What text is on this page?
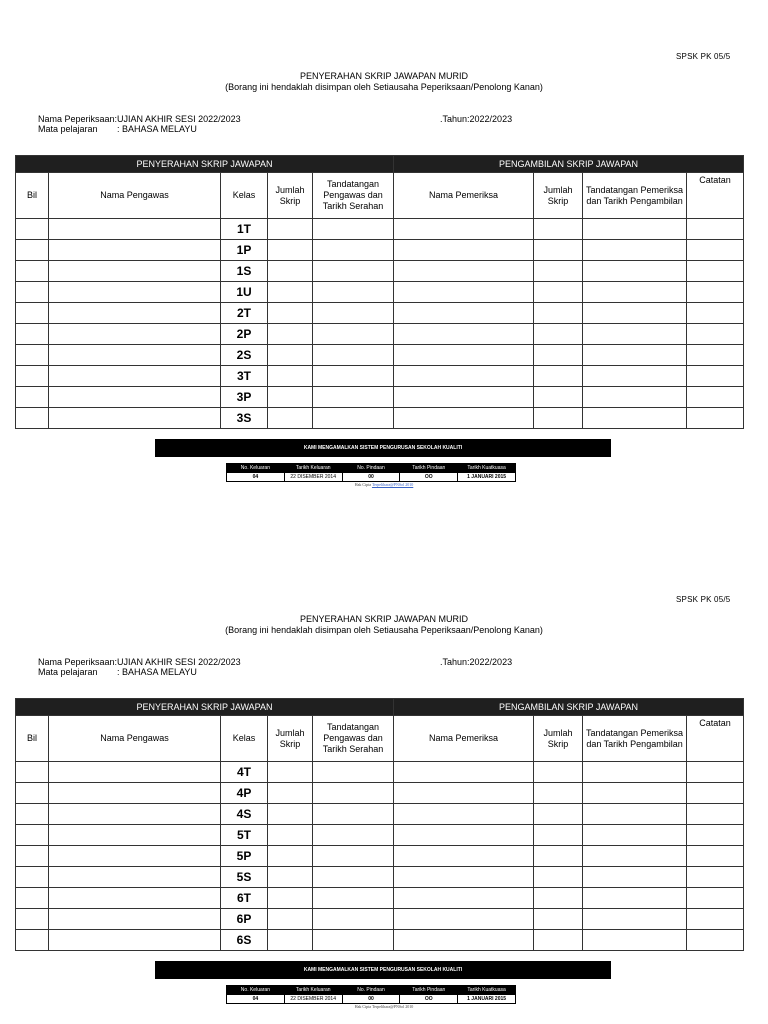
SPSK PK 05/5
PENYERAHAN SKRIP JAWAPAN MURID
(Borang ini hendaklah disimpan oleh Setiausaha Peperiksaan/Penolong Kanan)
Nama Peperiksaan:UJIAN AKHIR SESI 2022/2023
Mata pelajaran : BAHASA MELAYU
.Tahun:2022/2023
PENYERAHAN SKRIP JAWAPAN					PENGAMBILAN SKRIP JAWAPAN			
Bil	Nama Pengawas	Kelas	Jumlah Skrip	Tandatangan Pengawas dan Tarikh Serahan	Nama Pemeriksa	Jumlah Skrip	Tandatangan Pemeriksa dan Tarikh Pengambilan	Catatan
		1T						
		1P						
		1S						
		1U						
		2T						
		2P						
		2S						
		3T						
		3P						
		3S						
KAMI MENGAMALKAN SISTEM PENGURUSAN SEKOLAH KUALITI
No. Keluaran	Tarikh Keluaran	No. Pindaan	Tarikh Pindaan	Tarikh Kuatkuasa
04	22 DISEMBER 2014	00	OO	1 JANUARI 2015
Hak Cipta Terpelihara@PNSol 2010
SPSK PK 05/5
PENYERAHAN SKRIP JAWAPAN MURID
(Borang ini hendaklah disimpan oleh Setiausaha Peperiksaan/Penolong Kanan)
Nama Peperiksaan:UJIAN AKHIR SESI 2022/2023
Mata pelajaran : BAHASA MELAYU
.Tahun:2022/2023
PENYERAHAN SKRIP JAWAPAN					PENGAMBILAN SKRIP JAWAPAN			
Bil	Nama Pengawas	Kelas	Jumlah Skrip	Tandatangan Pengawas dan Tarikh Serahan	Nama Pemeriksa	Jumlah Skrip	Tandatangan Pemeriksa dan Tarikh Pengambilan	Catatan
		4T						
		4P						
		4S						
		5T						
		5P						
		5S						
		6T						
		6P						
		6S						
KAMI MENGAMALKAN SISTEM PENGURUSAN SEKOLAH KUALITI
No. Keluaran	Tarikh Keluaran	No. Pindaan	Tarikh Pindaan	Tarikh Kuatkuasa
04	22 DISEMBER 2014	00	OO	1 JANUARI 2015
Hak Cipta Terpelihara@PNSol 2010
